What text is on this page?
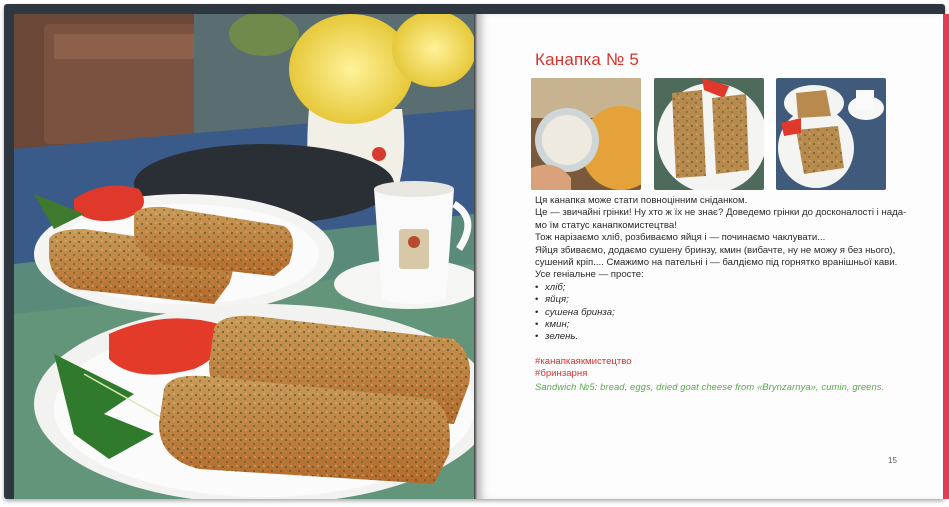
Канапка № 5

Ця канапка може стати повноцінним сніданком.

Це — звичайні грінки! Ну хто ж їх не знає? Доведемо грінки до досконалості і нада-

мо їм статус канапкомистецтва!

Тож нарізаємо хліб, розбиваємо яйця і — починаємо чаклувати...

Яйця збиваємо, додаємо сушену бринзу, кмин (вибачте, ну не можу я без нього),

сушений кріп.... Смажимо на пательні і — балдіємо під горнятко вранішньої кави.

Усе геніальне — просте:

• хліб;
• яйця;
• сушена бринза;
• кмин;
• зелень.
#канапкаякмистецтво
#бринзарня

Sandwich №5: bread, eggs, dried goat cheese from «Brynzarnya», cumin, greens.

15
